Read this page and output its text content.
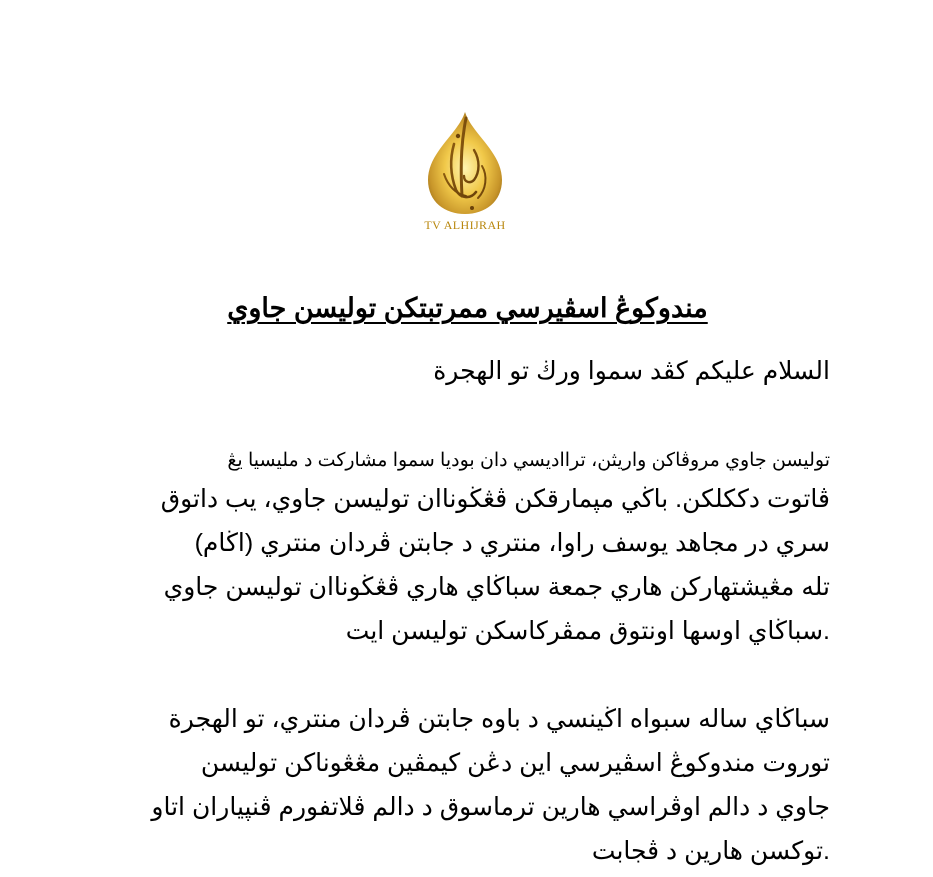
TV ALHIJRAH
مندوكوڠ اسڤيرسي ممرتبتكن توليسن جاوي
السلام عليكم كڤد سموا ورڬ تو الهجرة
توليسن جاوي مروڤاكن واريثن، ترااديسي دان بوديا سموا مشاركت د مليسيا يڠ
ڤاتوت دككلكن. باڬي مپمارقكن ڤڠڬوناان توليسن جاوي، يب داتوق
سري در مجاهد يوسف راوا، منتري د جابتن ڤردان منتري (اڬام)
تله مڠيشتهاركن هاري جمعة سباڬاي هاري ڤڠڬوناان توليسن جاوي
.سباڬاي اوسها اونتوق ممڤركاسكن توليسن ايت
سباڬاي ساله سبواه اڬينسي د باوه جابتن ڤردان منتري، تو الهجرة
توروت مندوكوڠ اسڤيرسي اين دڠن كيمڤين مڠڠوناكن توليسن
جاوي د دالم اوڤراسي هارين ترماسوق د دالم ڤلاتفورم ڤنپياران اتاو
.توكسن هارين د ڤجابت
